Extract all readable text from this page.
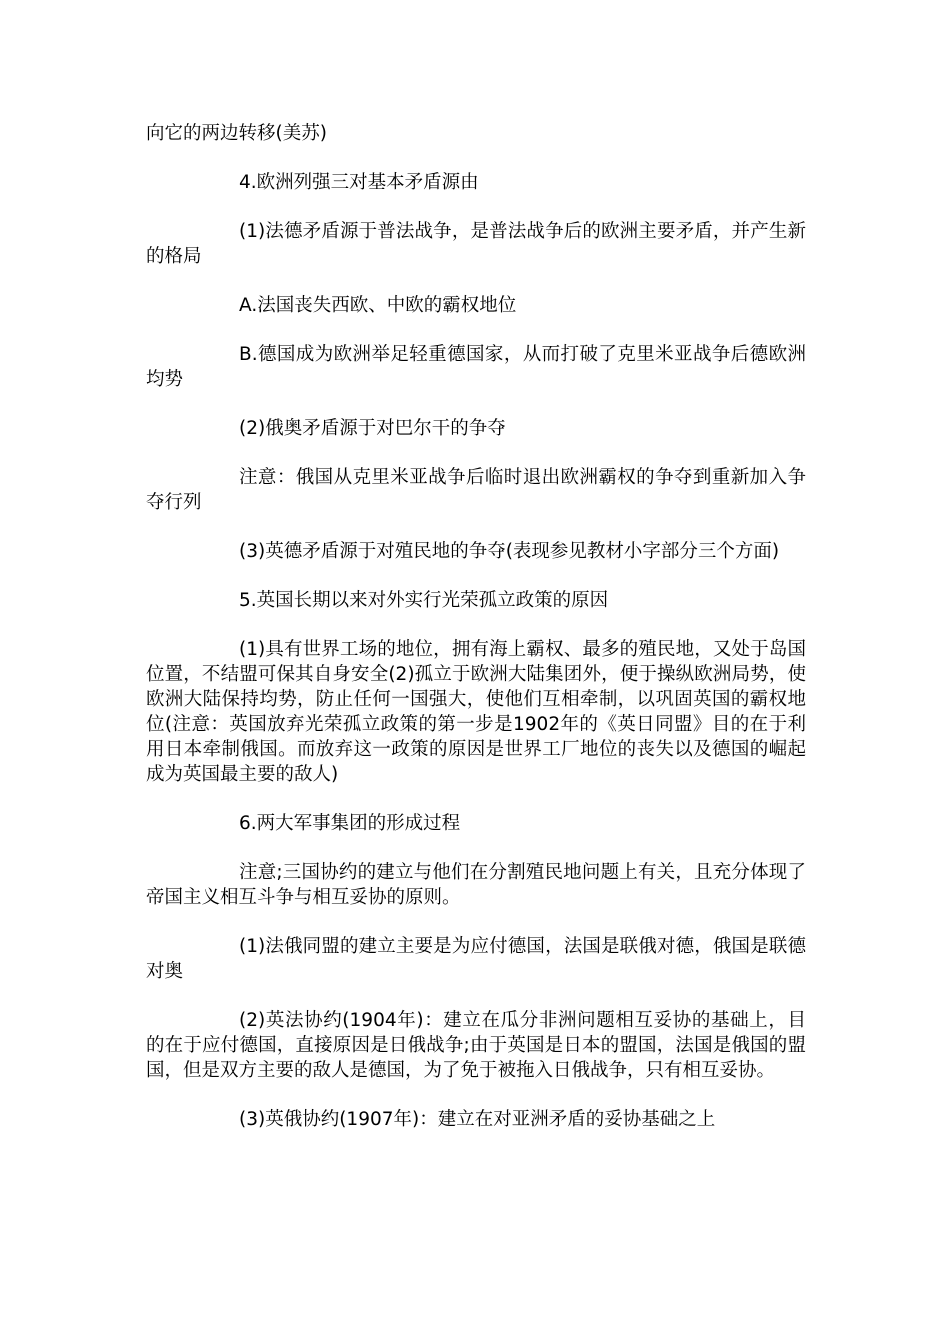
向它的两边转移(美苏)

4.欧洲列强三对基本矛盾源由

(1)法德矛盾源于普法战争，是普法战争后的欧洲主要矛盾，并产生新的格局

A.法国丧失西欧、中欧的霸权地位

B.德国成为欧洲举足轻重德国家，从而打破了克里米亚战争后德欧洲均势

(2)俄奥矛盾源于对巴尔干的争夺

注意：俄国从克里米亚战争后临时退出欧洲霸权的争夺到重新加入争夺行列

(3)英德矛盾源于对殖民地的争夺(表现参见教材小字部分三个方面)

5.英国长期以来对外实行光荣孤立政策的原因

(1)具有世界工场的地位，拥有海上霸权、最多的殖民地，又处于岛国位置，不结盟可保其自身安全(2)孤立于欧洲大陆集团外，便于操纵欧洲局势，使欧洲大陆保持均势，防止任何一国强大，使他们互相牵制，以巩固英国的霸权地位(注意：英国放弃光荣孤立政策的第一步是1902年的《英日同盟》目的在于利用日本牵制俄国。而放弃这一政策的原因是世界工厂地位的丧失以及德国的崛起成为英国最主要的敌人)

6.两大军事集团的形成过程

注意;三国协约的建立与他们在分割殖民地问题上有关，且充分体现了帝国主义相互斗争与相互妥协的原则。

(1)法俄同盟的建立主要是为应付德国，法国是联俄对德，俄国是联德对奥

(2)英法协约(1904年)：建立在瓜分非洲问题相互妥协的基础上，目的在于应付德国，直接原因是日俄战争;由于英国是日本的盟国，法国是俄国的盟国，但是双方主要的敌人是德国，为了免于被拖入日俄战争，只有相互妥协。

(3)英俄协约(1907年)：建立在对亚洲矛盾的妥协基础之上
